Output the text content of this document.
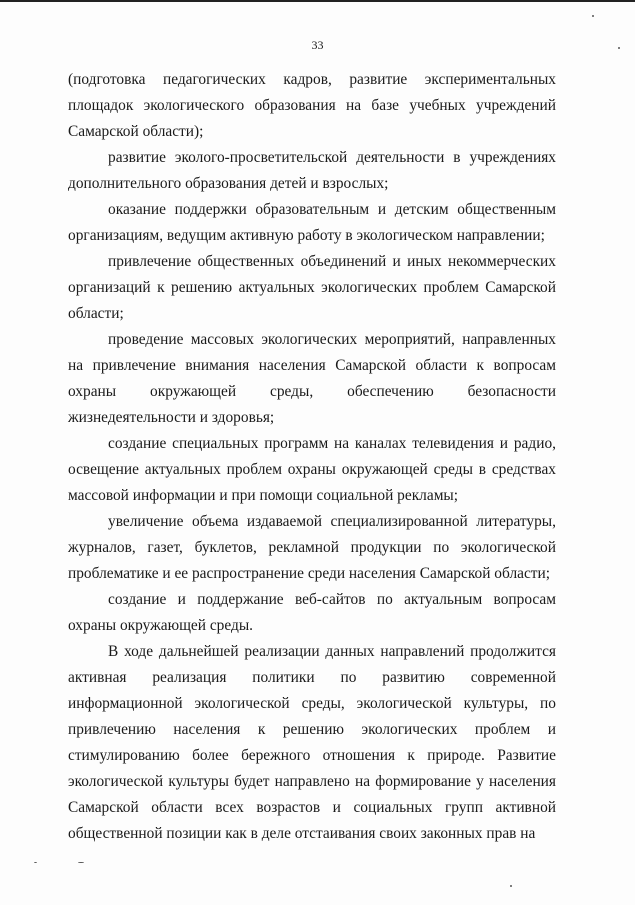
33

(подготовка педагогических кадров, развитие экспериментальных площадок экологического образования на базе учебных учреждений Самарской области);

развитие эколого-просветительской деятельности в учреждениях дополнительного образования детей и взрослых;

оказание поддержки образовательным и детским общественным организациям, ведущим активную работу в экологическом направлении;

привлечение общественных объединений и иных некоммерческих организаций к решению актуальных экологических проблем Самарской области;

проведение массовых экологических мероприятий, направленных на привлечение внимания населения Самарской области к вопросам охраны окружающей среды, обеспечению безопасности жизнедеятельности и здоровья;

создание специальных программ на каналах телевидения и радио, освещение актуальных проблем охраны окружающей среды в средствах массовой информации и при помощи социальной рекламы;

увеличение объема издаваемой специализированной литературы, журналов, газет, буклетов, рекламной продукции по экологической проблематике и ее распространение среди населения Самарской области;

создание и поддержание веб-сайтов по актуальным вопросам охраны окружающей среды.

В ходе дальнейшей реализации данных направлений продолжится активная реализация политики по развитию современной информационной экологической среды, экологической культуры, по привлечению населения к решению экологических проблем и стимулированию более бережного отношения к природе. Развитие экологической культуры будет направлено на формирование у населения Самарской области всех возрастов и социальных групп активной общественной позиции как в деле отстаивания своих законных прав на
